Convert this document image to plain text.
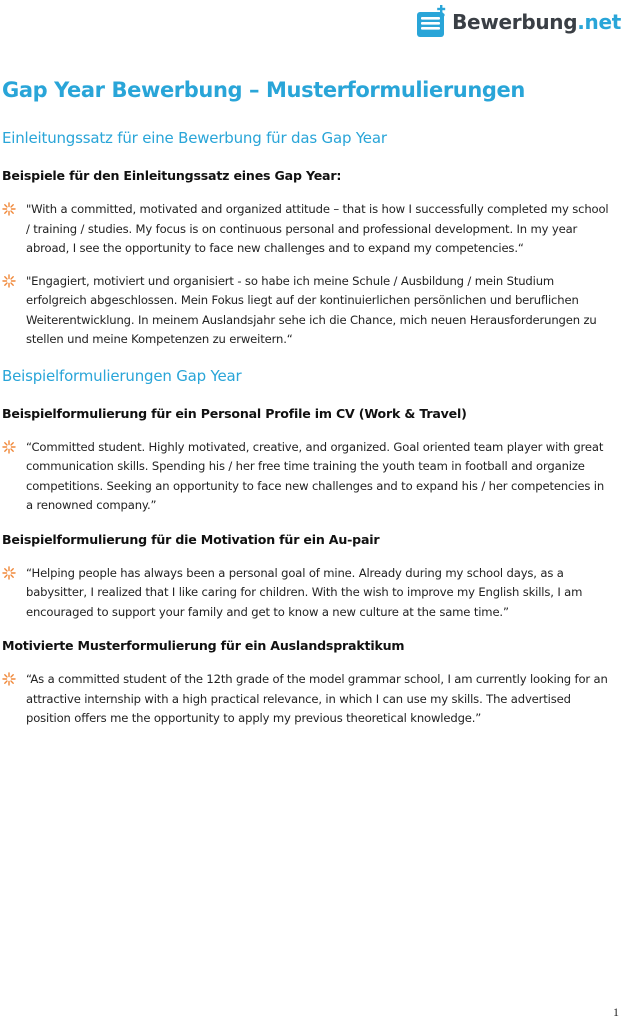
Bewerbung.net
Gap Year Bewerbung – Musterformulierungen
Einleitungssatz für eine Bewerbung für das Gap Year
Beispiele für den Einleitungssatz eines Gap Year:
"With a committed, motivated and organized attitude – that is how I successfully completed my school / training / studies. My focus is on continuous personal and professional development. In my year abroad, I see the opportunity to face new challenges and to expand my competencies.“
"Engagiert, motiviert und organisiert - so habe ich meine Schule / Ausbildung / mein Studium erfolgreich abgeschlossen. Mein Fokus liegt auf der kontinuierlichen persönlichen und beruflichen Weiterentwicklung. In meinem Auslandsjahr sehe ich die Chance, mich neuen Herausforderungen zu stellen und meine Kompetenzen zu erweitern.“
Beispielformulierungen Gap Year
Beispielformulierung für ein Personal Profile im CV (Work & Travel)
“Committed student. Highly motivated, creative, and organized. Goal oriented team player with great communication skills. Spending his / her free time training the youth team in football and organize competitions. Seeking an opportunity to face new challenges and to expand his / her competencies in a renowned company.”
Beispielformulierung für die Motivation für ein Au-pair
“Helping people has always been a personal goal of mine. Already during my school days, as a babysitter, I realized that I like caring for children. With the wish to improve my English skills, I am encouraged to support your family and get to know a new culture at the same time.”
Motivierte Musterformulierung für ein Auslandspraktikum
“As a committed student of the 12th grade of the model grammar school, I am currently looking for an attractive internship with a high practical relevance, in which I can use my skills. The advertised position offers me the opportunity to apply my previous theoretical knowledge.”
1
